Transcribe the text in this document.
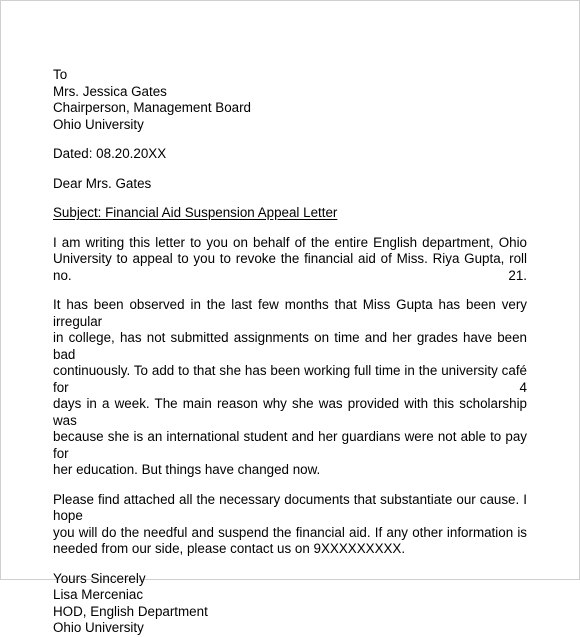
To
Mrs. Jessica Gates
Chairperson, Management Board
Ohio University
Dated: 08.20.20XX
Dear Mrs. Gates
Subject: Financial Aid Suspension Appeal Letter
I am writing this letter to you on behalf of the entire English department, Ohio
University to appeal to you to revoke the financial aid of Miss. Riya Gupta, roll no. 21.
It has been observed in the last few months that Miss Gupta has been very irregular
in college, has not submitted assignments on time and her grades have been bad
continuously. To add to that she has been working full time in the university café for 4
days in a week. The main reason why she was provided with this scholarship was
because she is an international student and her guardians were not able to pay for
her education. But things have changed now.
Please find attached all the necessary documents that substantiate our cause. I hope
you will do the needful and suspend the financial aid. If any other information is
needed from our side, please contact us on 9XXXXXXXXX.
Yours Sincerely
Lisa Merceniac
HOD, English Department
Ohio University
